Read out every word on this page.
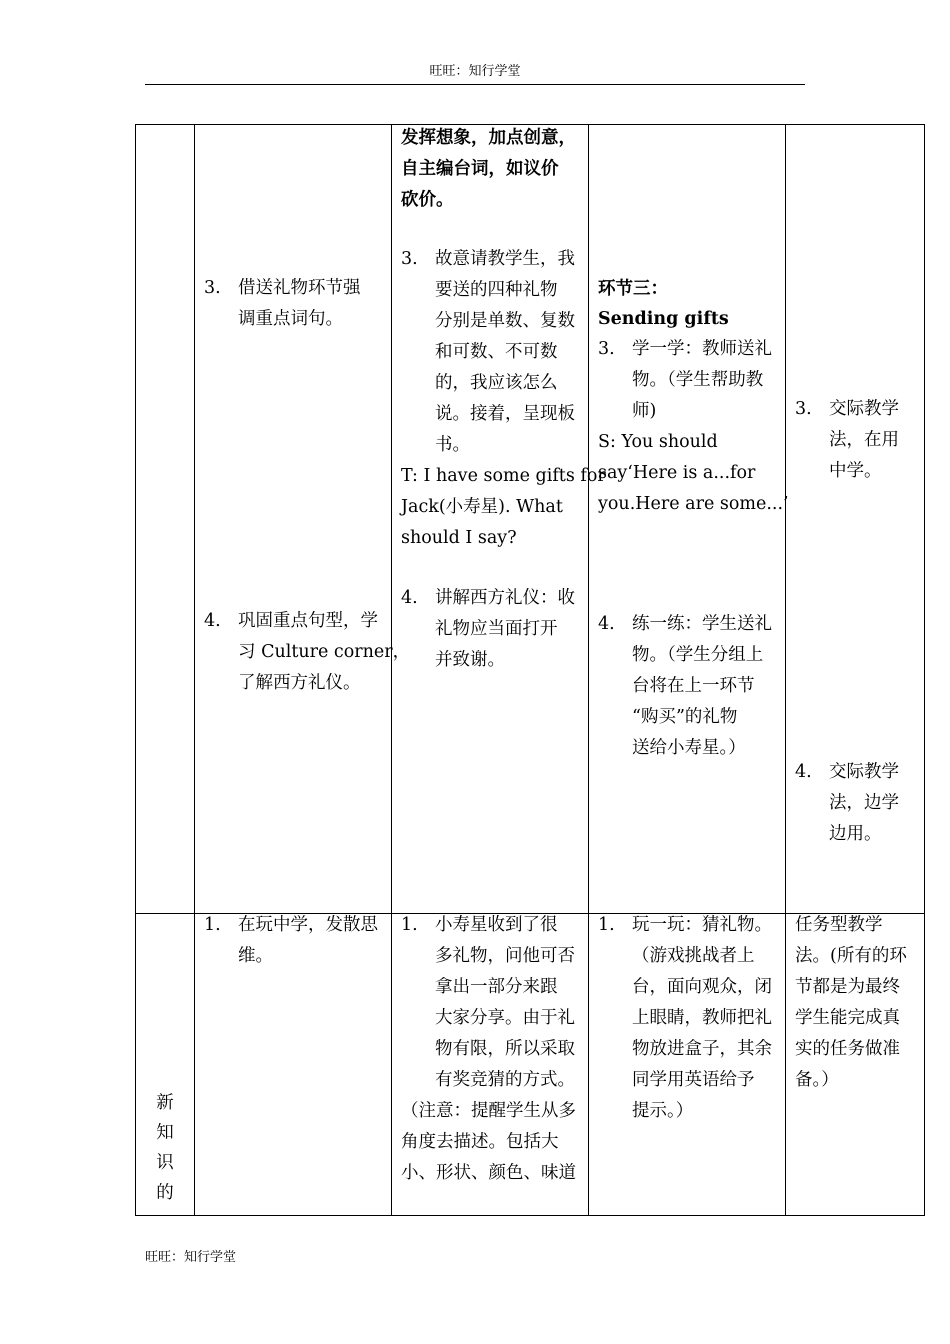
旺旺：知行学堂
3. 借送礼物环节强
调重点词句。
4. 巩固重点句型，学
习 Culture corner，
了解西方礼仪。
发挥想象，加点创意，
自主编台词，如议价
砍价。
3. 故意请教学生，我
要送的四种礼物
分别是单数、复数
和可数、不可数
的，我应该怎么
说。接着，呈现板
书。
T: I have some gifts for
Jack(小寿星). What
should I say?
4. 讲解西方礼仪：收
礼物应当面打开
并致谢。
环节三：
Sending gifts
3. 学一学：教师送礼
物。（学生帮助教
师)
S: You should
say‘Here is a...for
you.Here are some...’
4. 练一练：学生送礼
物。（学生分组上
台将在上一环节
“购买”的礼物
送给小寿星。）
3. 交际教学
法，在用
中学。
4. 交际教学
法，边学
边用。
新
知
识
的
1. 在玩中学，发散思
维。
1. 小寿星收到了很
多礼物，问他可否
拿出一部分来跟
大家分享。由于礼
物有限，所以采取
有奖竞猜的方式。
（注意：提醒学生从多
角度去描述。包括大
小、形状、颜色、味道
1. 玩一玩：猜礼物。
（游戏挑战者上
台，面向观众，闭
上眼睛，教师把礼
物放进盒子，其余
同学用英语给予
提示。）
任务型教学
法。(所有的环
节都是为最终
学生能完成真
实的任务做准
备。）
旺旺：知行学堂
